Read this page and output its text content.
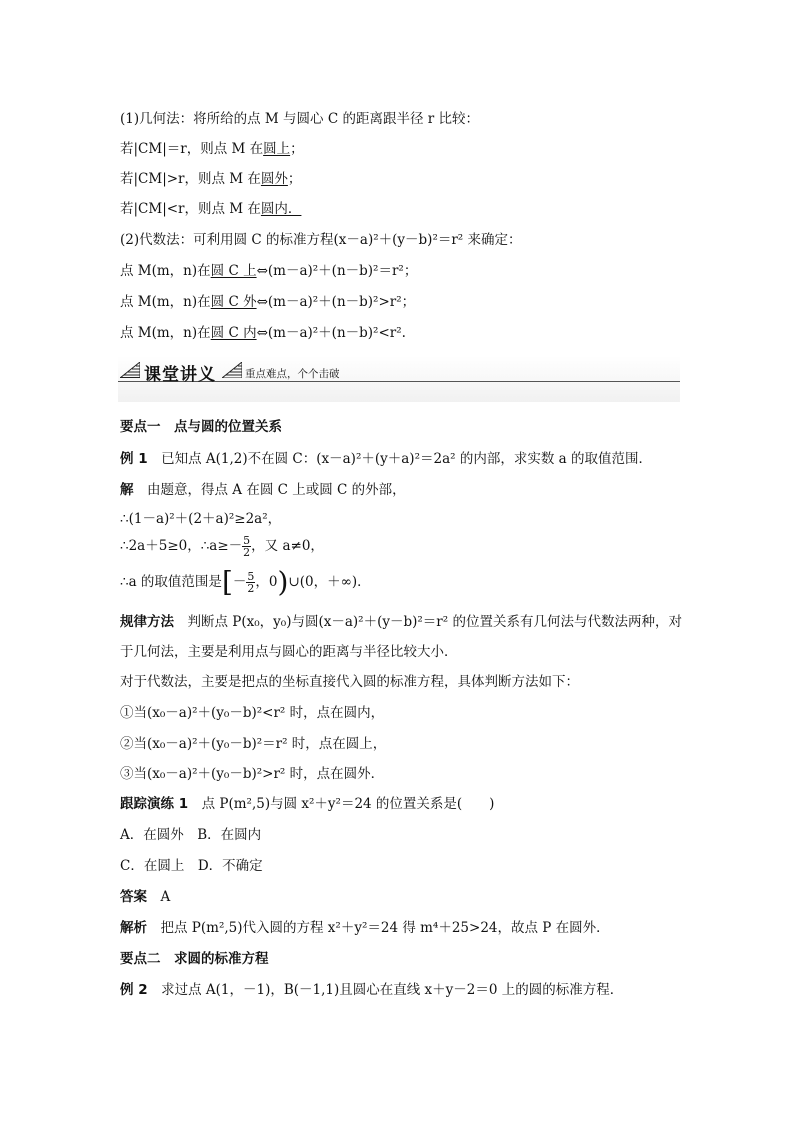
(1)几何法：将所给的点 M 与圆心 C 的距离跟半径 r 比较：
若|CM|＝r，则点 M 在圆上；
若|CM|>r，则点 M 在圆外；
若|CM|<r，则点 M 在圆内．
(2)代数法：可利用圆 C 的标准方程(x－a)²＋(y－b)²＝r² 来确定：
点 M(m，n)在圆 C 上⇔(m－a)²＋(n－b)²＝r²；
点 M(m，n)在圆 C 外⇔(m－a)²＋(n－b)²>r²；
点 M(m，n)在圆 C 内⇔(m－a)²＋(n－b)²<r².
课堂讲义	重点难点，个个击破
要点一　点与圆的位置关系
例 1　 已知点 A(1,2)不在圆 C：(x－a)²＋(y＋a)²＝2a² 的内部，求实数 a 的取值范围．
解　 由题意，得点 A 在圆 C 上或圆 C 的外部，
∴(1－a)²＋(2＋a)²≥2a²，
∴2a＋5≥0，∴a≥－ $\frac{5}{2}$ ，又 a≠0，
∴a 的取值范围是[－ $\frac{5}{2}$ ，0)∪(0，＋∞)．
规律方法　 判断点 P(x₀，y₀)与圆(x－a)²＋(y－b)²＝r² 的位置关系有几何法与代数法两种，对
于几何法，主要是利用点与圆心的距离与半径比较大小．
对于代数法，主要是把点的坐标直接代入圆的标准方程，具体判断方法如下：
①当(x₀－a)²＋(y₀－b)²<r² 时，点在圆内，
②当(x₀－a)²＋(y₀－b)²＝r² 时，点在圆上，
③当(x₀－a)²＋(y₀－b)²>r² 时，点在圆外．
跟踪演练 1　 点 P(m²,5)与圆 x²＋y²＝24 的位置关系是(　　)
A．在圆外　B．在圆内
C．在圆上　D．不确定
答案　 A
解析　 把点 P(m²,5)代入圆的方程 x²＋y²＝24 得 m⁴＋25>24，故点 P 在圆外．
要点二　求圆的标准方程
例 2　 求过点 A(1，－1)，B(－1,1)且圆心在直线 x＋y－2＝0 上的圆的标准方程．
